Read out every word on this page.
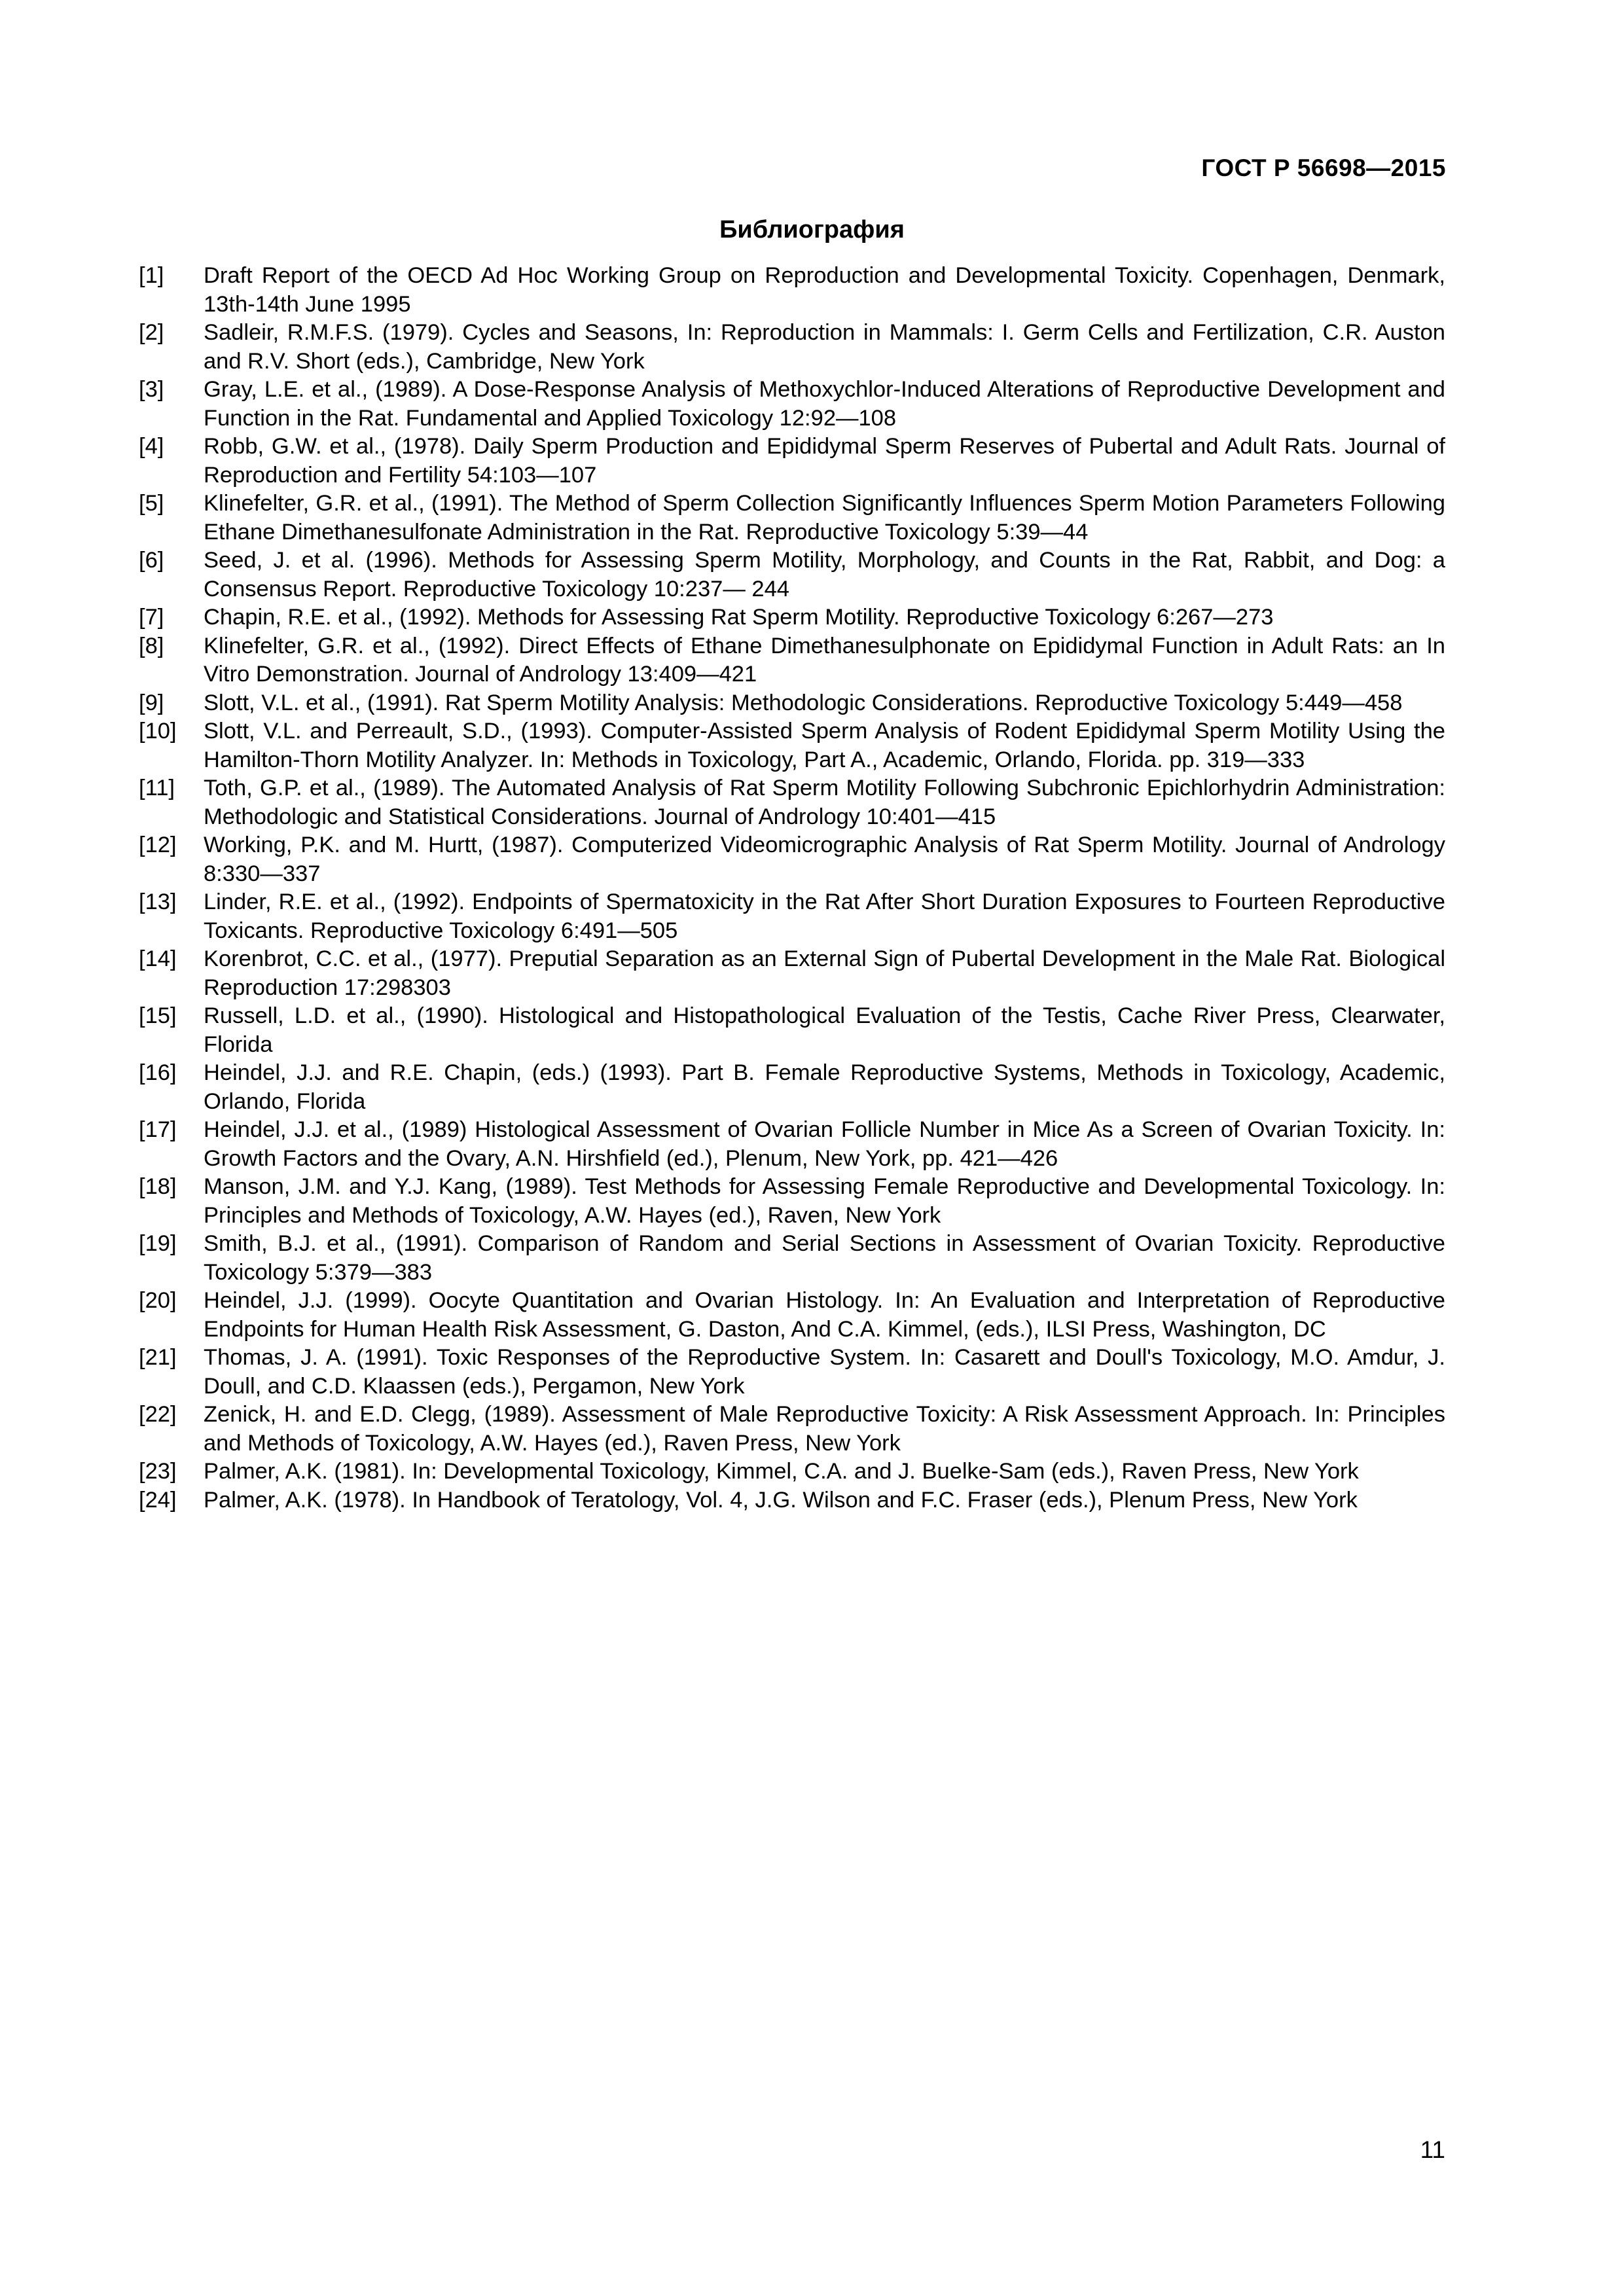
ГОСТ Р 56698—2015
Библиография
[1]	Draft Report of the OECD Ad Hoc Working Group on Reproduction and Developmental Toxicity. Copenhagen, Denmark, 13th-14th June 1995
[2]	Sadleir, R.M.F.S. (1979). Cycles and Seasons, In: Reproduction in Mammals: I. Germ Cells and Fertilization, C.R. Auston and R.V. Short (eds.), Cambridge, New York
[3]	Gray, L.E. et al., (1989). A Dose-Response Analysis of Methoxychlor-Induced Alterations of Reproductive Development and Function in the Rat. Fundamental and Applied Toxicology 12:92—108
[4]	Robb, G.W. et al., (1978). Daily Sperm Production and Epididymal Sperm Reserves of Pubertal and Adult Rats. Journal of Reproduction and Fertility 54:103—107
[5]	Klinefelter, G.R. et al., (1991). The Method of Sperm Collection Significantly Influences Sperm Motion Parameters Following Ethane Dimethanesulfonate Administration in the Rat. Reproductive Toxicology 5:39—44
[6]	Seed, J. et al. (1996). Methods for Assessing Sperm Motility, Morphology, and Counts in the Rat, Rabbit, and Dog: a Consensus Report. Reproductive Toxicology 10:237— 244
[7]	Chapin, R.E. et al., (1992). Methods for Assessing Rat Sperm Motility. Reproductive Toxicology 6:267—273
[8]	Klinefelter, G.R. et al., (1992). Direct Effects of Ethane Dimethanesulphonate on Epididymal Function in Adult Rats: an In Vitro Demonstration. Journal of Andrology 13:409—421
[9]	Slott, V.L. et al., (1991). Rat Sperm Motility Analysis: Methodologic Considerations. Reproductive Toxicology 5:449—458
[10]	Slott, V.L. and Perreault, S.D., (1993). Computer-Assisted Sperm Analysis of Rodent Epididymal Sperm Motility Using the Hamilton-Thorn Motility Analyzer. In: Methods in Toxicology, Part A., Academic, Orlando, Florida. pp. 319—333
[11]	Toth, G.P. et al., (1989). The Automated Analysis of Rat Sperm Motility Following Subchronic Epichlorhydrin Administration: Methodologic and Statistical Considerations. Journal of Andrology 10:401—415
[12]	Working, P.K. and M. Hurtt, (1987). Computerized Videomicrographic Analysis of Rat Sperm Motility. Journal of Andrology 8:330—337
[13]	Linder, R.E. et al., (1992). Endpoints of Spermatoxicity in the Rat After Short Duration Exposures to Fourteen Reproductive Toxicants. Reproductive Toxicology 6:491—505
[14]	Korenbrot, C.C. et al., (1977). Preputial Separation as an External Sign of Pubertal Development in the Male Rat. Biological Reproduction 17:298303
[15]	Russell, L.D. et al., (1990). Histological and Histopathological Evaluation of the Testis, Cache River Press, Clearwater, Florida
[16]	Heindel, J.J. and R.E. Chapin, (eds.) (1993). Part B. Female Reproductive Systems, Methods in Toxicology, Academic, Orlando, Florida
[17]	Heindel, J.J. et al., (1989) Histological Assessment of Ovarian Follicle Number in Mice As a Screen of Ovarian Toxicity. In: Growth Factors and the Ovary, A.N. Hirshfield (ed.), Plenum, New York, pp. 421—426
[18]	Manson, J.M. and Y.J. Kang, (1989). Test Methods for Assessing Female Reproductive and Developmental Toxicology. In: Principles and Methods of Toxicology, A.W. Hayes (ed.), Raven, New York
[19]	Smith, B.J. et al., (1991). Comparison of Random and Serial Sections in Assessment of Ovarian Toxicity. Reproductive Toxicology 5:379—383
[20]	Heindel, J.J. (1999). Oocyte Quantitation and Ovarian Histology. In: An Evaluation and Interpretation of Reproductive Endpoints for Human Health Risk Assessment, G. Daston, And C.A. Kimmel, (eds.), ILSI Press, Washington, DC
[21]	Thomas, J. A. (1991). Toxic Responses of the Reproductive System. In: Casarett and Doull's Toxicology, M.O. Amdur, J. Doull, and C.D. Klaassen (eds.), Pergamon, New York
[22]	Zenick, H. and E.D. Clegg, (1989). Assessment of Male Reproductive Toxicity: A Risk Assessment Approach. In: Principles and Methods of Toxicology, A.W. Hayes (ed.), Raven Press, New York
[23]	Palmer, A.K. (1981). In: Developmental Toxicology, Kimmel, C.A. and J. Buelke-Sam (eds.), Raven Press, New York
[24]	Palmer, A.K. (1978). In Handbook of Teratology, Vol. 4, J.G. Wilson and F.C. Fraser (eds.), Plenum Press, New York
11
